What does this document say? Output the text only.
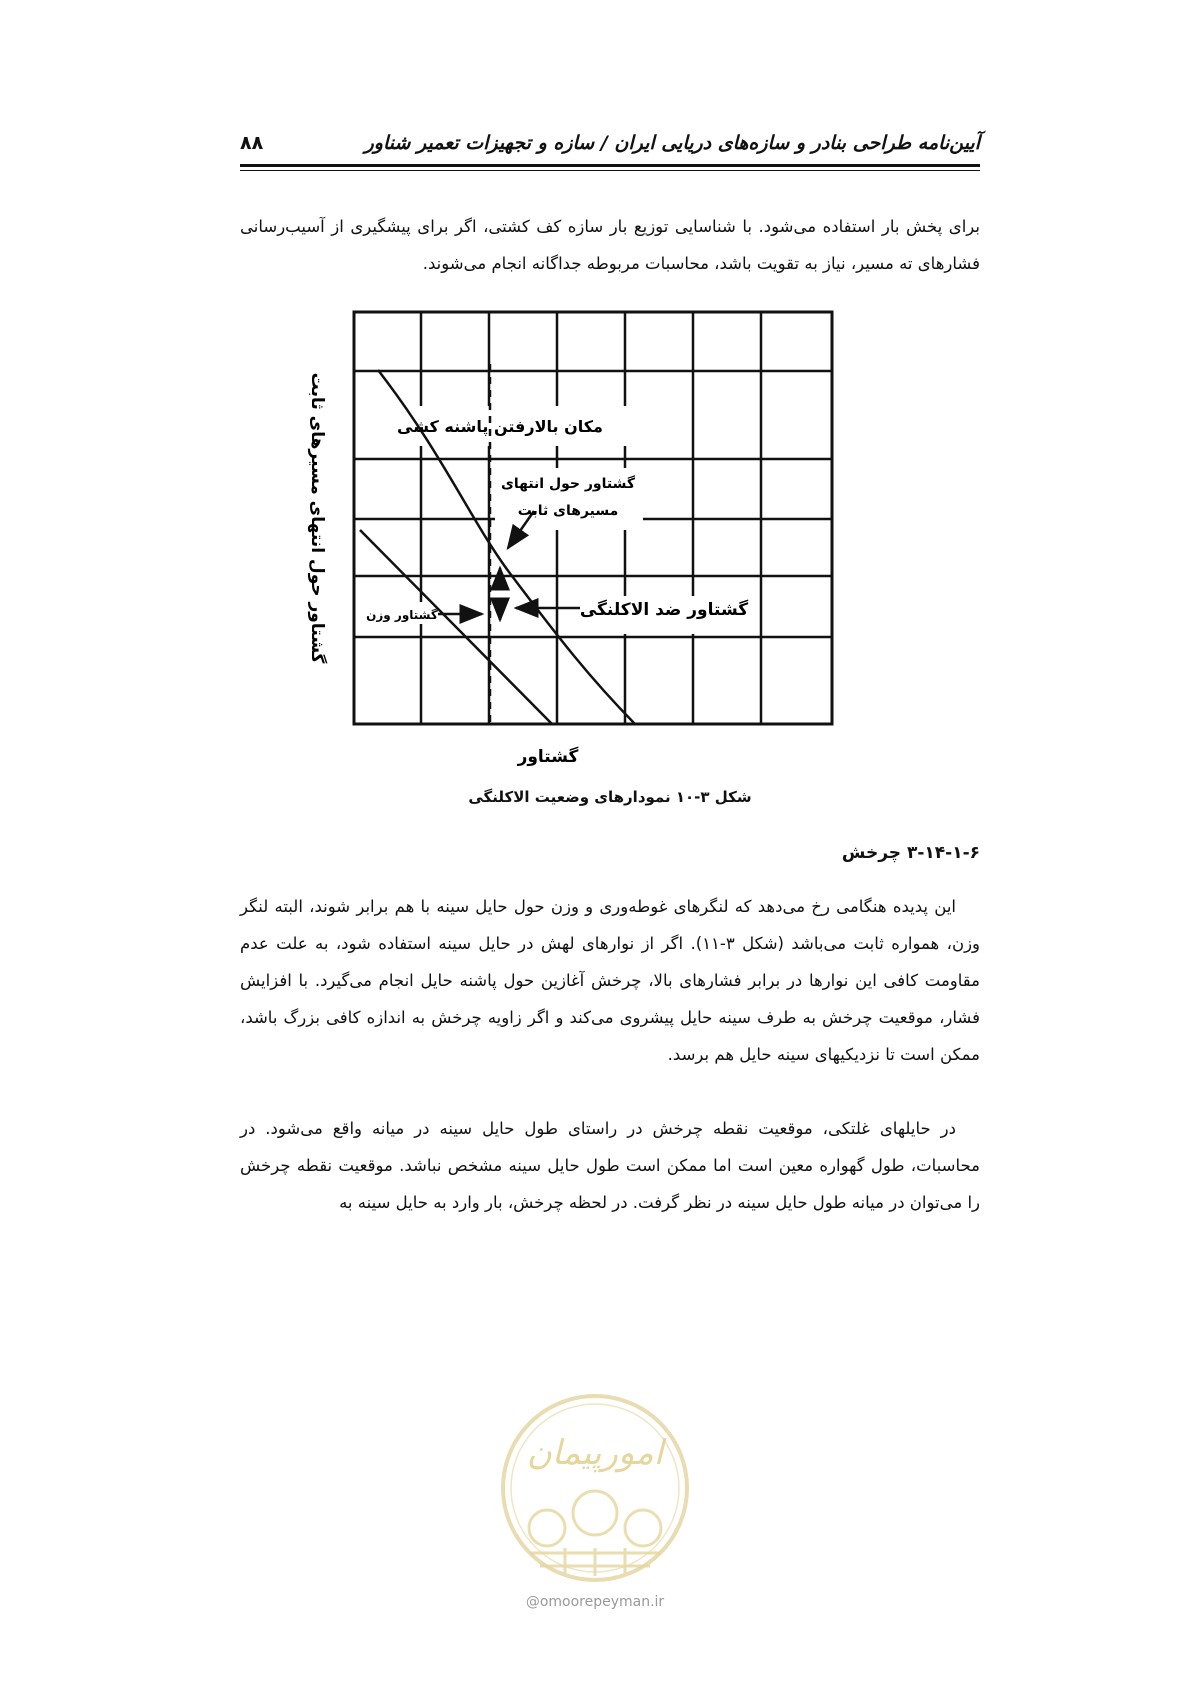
۸۸	آیین‌نامه طراحی بنادر و سازه‌های دریایی ایران / سازه و تجهیزات تعمیر شناور

برای پخش بار استفاده می‌شود. با شناسایی توزیع بار سازه کف کشتی، اگر برای پیشگیری از آسیب‌رسانی فشارهای ته مسیر، نیاز به تقویت باشد، محاسبات مربوطه جداگانه انجام می‌شوند.

مکان بالارفتن پاشنه کشی
گشتاور حول انتهای
مسیرهای ثابت
گشتاور ضد الاکلنگی
گشتاور وزن
گشتاور حول انتهای مسیرهای ثابت
گشتاور
شکل ۳-۱۰ نمودارهای وضعیت الاکلنگی
۳-۱۴-۱-۶ چرخش

این پدیده هنگامی رخ می‌دهد که لنگرهای غوطه‌وری و وزن حول حایل سینه با هم برابر شوند، البته لنگر وزن، همواره ثابت می‌باشد (شکل ۳-۱۱). اگر از نوارهای لهش در حایل سینه استفاده شود، به علت عدم مقاومت کافی این نوارها در برابر فشارهای بالا، چرخش آغازین حول پاشنه حایل انجام می‌گیرد. با افزایش فشار، موقعیت چرخش به طرف سینه حایل پیشروی می‌کند و اگر زاویه چرخش به اندازه کافی بزرگ باشد، ممکن است تا نزدیکیهای سینه حایل هم برسد.

در حایلهای غلتکی، موقعیت نقطه چرخش در راستای طول حایل سینه در میانه واقع می‌شود. در محاسبات، طول گهواره معین است اما ممکن است طول حایل سینه مشخص نباشد. موقعیت نقطه چرخش را می‌توان در میانه طول حایل سینه در نظر گرفت. در لحظه چرخش، بار وارد به حایل سینه به

امورپیمان
@omoorepeyman.ir
